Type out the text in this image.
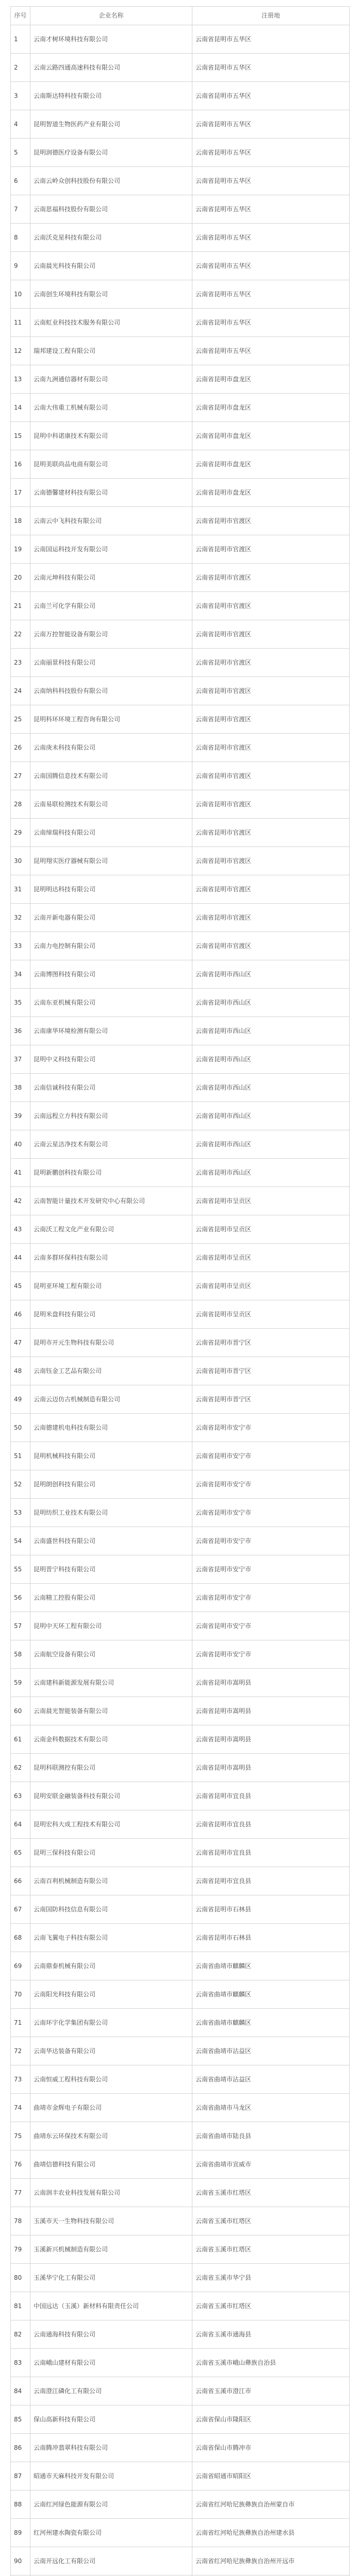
序号	企业名称	注册地
1	云南才树环境科技有限公司	云南省昆明市五华区
2	云南云路四通高速科技有限公司	云南省昆明市五华区
3	云南斯达特科技有限公司	云南省昆明市五华区
4	昆明智道生物医药产业有限公司	云南省昆明市五华区
5	昆明润德医疗设备有限公司	云南省昆明市五华区
6	云南云岭众创科技股份有限公司	云南省昆明市五华区
7	云南思福科技股份有限公司	云南省昆明市五华区
8	云南沃克星科技有限公司	云南省昆明市五华区
9	云南晨光科技有限公司	云南省昆明市五华区
10	云南创生环境科技有限公司	云南省昆明市五华区
11	云南虹业科技技术服务有限公司	云南省昆明市五华区
12	瑞邦建设工程有限公司	云南省昆明市五华区
13	云南九洲通信器材有限公司	云南省昆明市盘龙区
14	云南大伟重工机械有限公司	云南省昆明市盘龙区
15	昆明中科诺康技术有限公司	云南省昆明市盘龙区
16	昆明美联尚品电商有限公司	云南省昆明市盘龙区
17	云南德馨建材科技有限公司	云南省昆明市盘龙区
18	云南云中飞科技有限公司	云南省昆明市官渡区
19	云南国运科技开发有限公司	云南省昆明市官渡区
20	云南元坤科技有限公司	云南省昆明市官渡区
21	云南兰可化学有限公司	云南省昆明市官渡区
22	云南万控智能设备有限公司	云南省昆明市官渡区
23	云南丽景科技有限公司	云南省昆明市官渡区
24	云南纳科科技股份有限公司	云南省昆明市官渡区
25	昆明科环环境工程咨询有限公司	云南省昆明市官渡区
26	云南庚未科技有限公司	云南省昆明市官渡区
27	云南国腾信息技术有限公司	云南省昆明市官渡区
28	云南易联检测技术有限公司	云南省昆明市官渡区
29	云南缔瑞科技有限公司	云南省昆明市官渡区
30	昆明翔实医疗器械有限公司	云南省昆明市官渡区
31	昆明明达科技有限公司	云南省昆明市官渡区
32	云南开新电器有限公司	云南省昆明市官渡区
33	云南力电控制有限公司	云南省昆明市官渡区
34	云南博图科技有限公司	云南省昆明市西山区
35	云南东亚机械有限公司	云南省昆明市西山区
36	云南康华环境检测有限公司	云南省昆明市西山区
37	昆明中义科技有限公司	云南省昆明市西山区
38	云南信诚科技有限公司	云南省昆明市西山区
39	云南远程立方科技有限公司	云南省昆明市西山区
40	云南云星洁净技术有限公司	云南省昆明市西山区
41	昆明新鹏创科技有限公司	云南省昆明市西山区
42	云南智能计量技术开发研究中心有限公司	云南省昆明市呈贡区
43	云南沃工程文化产业有限公司	云南省昆明市呈贡区
44	云南多群环保科技有限公司	云南省昆明市呈贡区
45	昆明亚环境工程有限公司	云南省昆明市呈贡区
46	昆明米盘科技有限公司	云南省昆明市呈贡区
47	昆明市开元生物科技有限公司	云南省昆明市晋宁区
48	云南钰金工艺品有限公司	云南省昆明市晋宁区
49	云南云迈仿古机械制造有限公司	云南省昆明市晋宁区
50	云南德建机电科技有限公司	云南省昆明市安宁市
51	昆明机械科技有限公司	云南省昆明市安宁市
52	昆明朗创科技有限公司	云南省昆明市安宁市
53	昆明纺织工业技术有限公司	云南省昆明市安宁市
54	云南盛世科技有限公司	云南省昆明市安宁市
55	昆明晋宁科技有限公司	云南省昆明市安宁市
56	云南精工控股有限公司	云南省昆明市安宁市
57	昆明中天环工程有限公司	云南省昆明市安宁市
58	云南航空设备有限公司	云南省昆明市安宁市
59	云南建科新能源发展有限公司	云南省昆明市嵩明县
60	云南晨光智能装备有限公司	云南省昆明市嵩明县
61	云南金科数据技术有限公司	云南省昆明市嵩明县
62	昆明科联测控有限公司	云南省昆明市嵩明县
63	昆明安联金融装备科技有限公司	云南省昆明市宜良县
64	昆明宏科大成工程技术有限公司	云南省昆明市宜良县
65	昆明三保科技有限公司	云南省昆明市宜良县
66	云南百利机械制造有限公司	云南省昆明市宜良县
67	云南国防科技信息有限公司	云南省昆明市石林县
68	云南飞翼电子科技有限公司	云南省昆明市石林县
69	云南鼎泰机械有限公司	云南省曲靖市麒麟区
70	云南阳光科技有限公司	云南省曲靖市麒麟区
71	云南环宇化学集团有限公司	云南省曲靖市麒麟区
72	云南华达装备有限公司	云南省曲靖市沾益区
73	云南恒威工程科技有限公司	云南省曲靖市沾益区
74	曲靖市金辉电子有限公司	云南省曲靖市马龙区
75	曲靖东云环保技术有限公司	云南省曲靖市陆良县
76	曲靖信德科技有限公司	云南省曲靖市宣威市
77	云南润丰农业科技发展有限公司	云南省玉溪市红塔区
78	玉溪市天一生物科技有限公司	云南省玉溪市红塔区
79	玉溪新兴机械制造有限公司	云南省玉溪市红塔区
80	玉溪华宁化工有限公司	云南省玉溪市华宁县
81	中国远达（玉溪）新材料有限责任公司	云南省玉溪市红塔区
82	云南通海科技有限公司	云南省玉溪市通海县
83	云南峨山建材有限公司	云南省玉溪市峨山彝族自治县
84	云南澄江磷化工有限公司	云南省玉溪市澄江市
85	保山高新科技有限公司	云南省保山市隆阳区
86	云南腾冲翡翠科技有限公司	云南省保山市腾冲市
87	昭通市天麻科技开发有限公司	云南省昭通市昭阳区
88	云南红河绿色能源有限公司	云南省红河哈尼族彝族自治州蒙自市
89	红河州建水陶瓷有限公司	云南省红河哈尼族彝族自治州建水县
90	云南开远化工有限公司	云南省红河哈尼族彝族自治州开远市
